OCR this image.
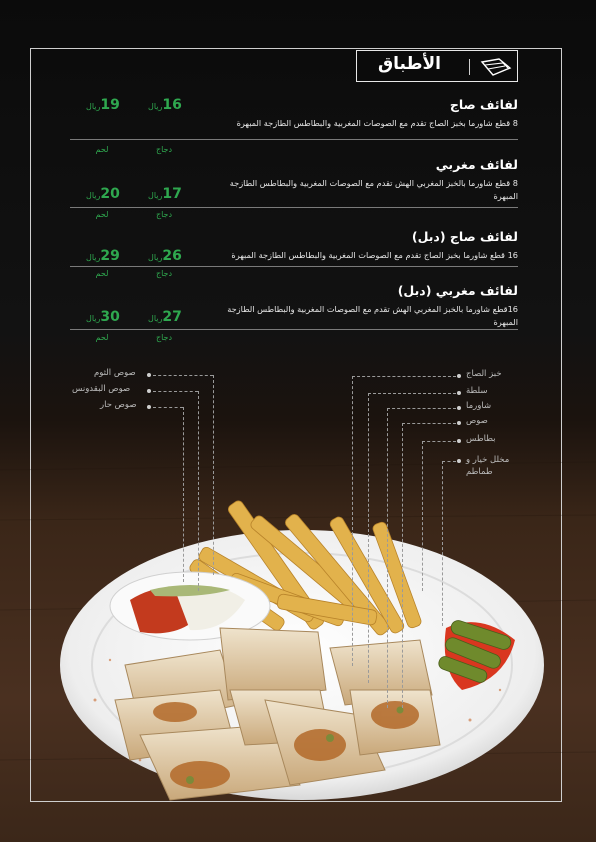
الأطباق
لفائف صاج
8 قطع شاورما بخبز الصاج تقدم مع الصوصات المغربية والبطاطس الطازجة المبهرة
16ريال
19ريال
دجاج
لحم
لفائف مغربي
8 قطع شاورما بالخبز المغربي الهش تقدم مع الصوصات المغربية والبطاطس الطازجة المبهرة
17ريال
20ريال
دجاج
لحم
لفائف صاج (دبل)
16 قطع شاورما بخبز الصاج تقدم مع الصوصات المغربية والبطاطس الطازجة المبهرة
26ريال
29ريال
دجاج
لحم
لفائف مغربي (دبل)
16قطع شاورما بالخبز المغربي الهش تقدم مع الصوصات المغربية والبطاطس الطازجة المبهرة
27ريال
30ريال
دجاج
لحم
صوص الثوم
صوص البقدونس
صوص حار
خبز الصاج
سلطة
شاورما
صوص
بطاطس
مخلل خيار و طماطم
